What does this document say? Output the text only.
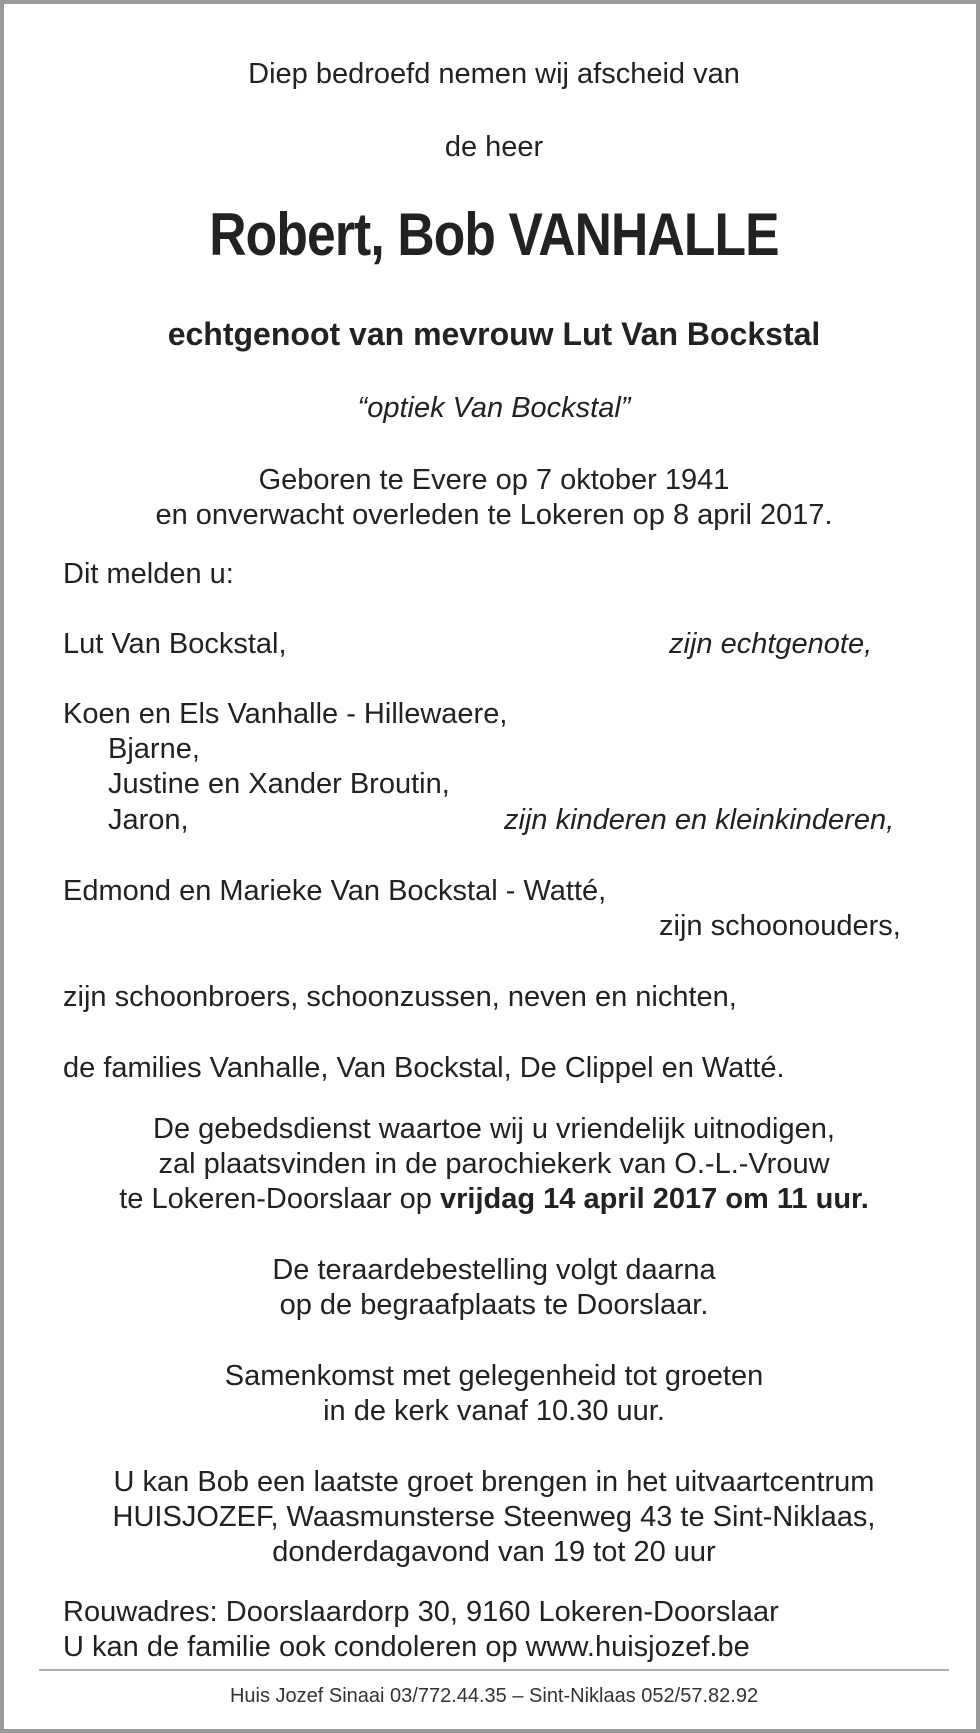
Diep bedroefd nemen wij afscheid van
de heer
Robert, Bob VANHALLE
echtgenoot van mevrouw Lut Van Bockstal
“optiek Van Bockstal”
Geboren te Evere op 7 oktober 1941
en onverwacht overleden te Lokeren op 8 april 2017.
Dit melden u:
Lut Van Bockstal,	zijn echtgenote,
Koen en Els Vanhalle - Hillewaere,
Bjarne,
Justine en Xander Broutin,
Jaron,	zijn kinderen en kleinkinderen,
Edmond en Marieke Van Bockstal - Watté,
zijn schoonouders,
zijn schoonbroers, schoonzussen, neven en nichten,
de families Vanhalle, Van Bockstal, De Clippel en Watté.
De gebedsdienst waartoe wij u vriendelijk uitnodigen,
zal plaatsvinden in de parochiekerk van O.-L.-Vrouw
te Lokeren-Doorslaar op vrijdag 14 april 2017 om 11 uur.
De teraardebestelling volgt daarna
op de begraafplaats te Doorslaar.
Samenkomst met gelegenheid tot groeten
in de kerk vanaf 10.30 uur.
U kan Bob een laatste groet brengen in het uitvaartcentrum
HUISJOZEF, Waasmunsterse Steenweg 43 te Sint-Niklaas,
donderdagavond van 19 tot 20 uur
Rouwadres: Doorslaardorp 30, 9160 Lokeren-Doorslaar
U kan de familie ook condoleren op www.huisjozef.be
Huis Jozef Sinaai 03/772.44.35 – Sint-Niklaas 052/57.82.92
